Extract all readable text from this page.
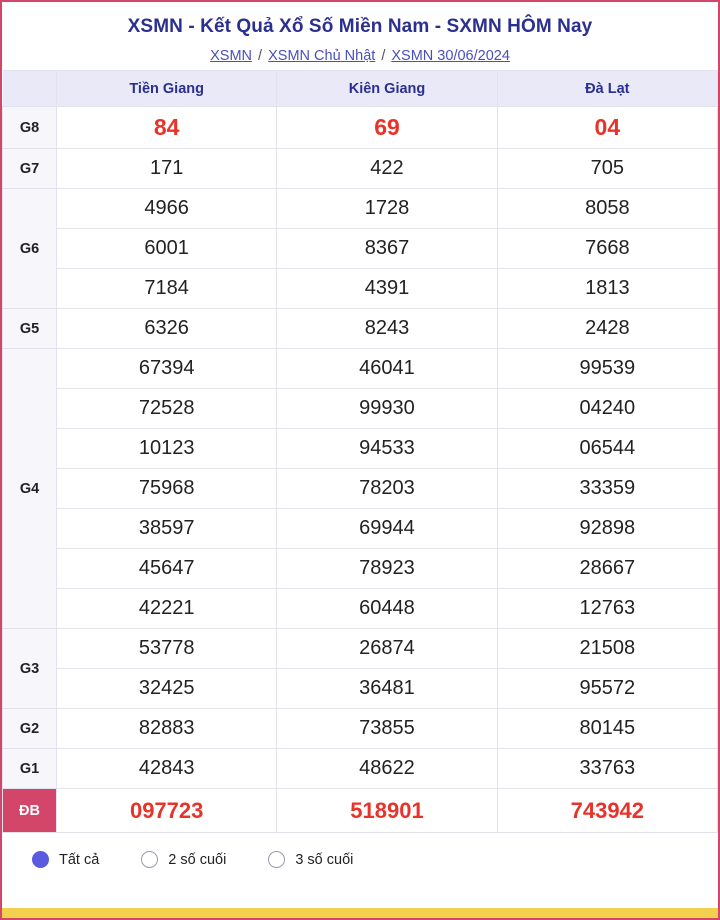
XSMN - Kết Quả Xổ Số Miền Nam - SXMN HÔM Nay
XSMN / XSMN Chủ Nhật / XSMN 30/06/2024
	Tiền Giang	Kiên Giang	Đà Lạt
G8	84	69	04
G7	171	422	705
G6	4966	1728	8058
	6001	8367	7668
	7184	4391	1813
G5	6326	8243	2428
G4	67394	46041	99539
	72528	99930	04240
	10123	94533	06544
	75968	78203	33359
	38597	69944	92898
	45647	78923	28667
	42221	60448	12763
G3	53778	26874	21508
	32425	36481	95572
G2	82883	73855	80145
G1	42843	48622	33763
ĐB	097723	518901	743942
Tất cả	2 số cuối	3 số cuối
